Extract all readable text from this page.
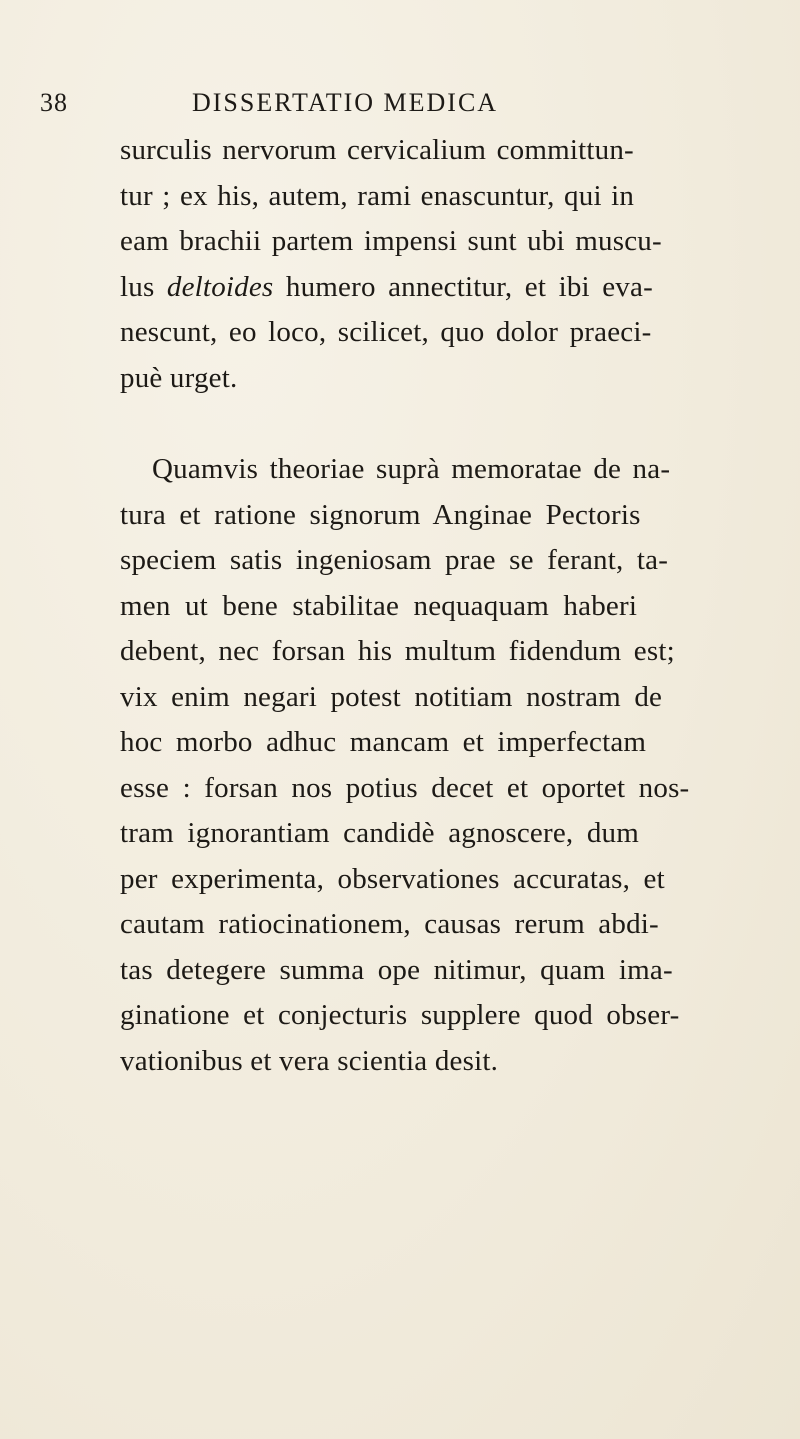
38	DISSERTATIO MEDICA

surculis nervorum cervicalium committun-
tur ; ex his, autem, rami enascuntur, qui in
eam brachii partem impensi sunt ubi muscu-
lus deltoides humero annectitur, et ibi eva-
nescunt, eo loco, scilicet, quo dolor praeci-
puè urget.

Quamvis theoriae suprà memoratae de na-
tura et ratione signorum Anginae Pectoris
speciem satis ingeniosam prae se ferant, ta-
men ut bene stabilitae nequaquam haberi
debent, nec forsan his multum fidendum est;
vix enim negari potest notitiam nostram de
hoc morbo adhuc mancam et imperfectam
esse : forsan nos potius decet et oportet nos-
tram ignorantiam candidè agnoscere, dum
per experimenta, observationes accuratas, et
cautam ratiocinationem, causas rerum abdi-
tas detegere summa ope nitimur, quam ima-
ginatione et conjecturis supplere quod obser-
vationibus et vera scientia desit.
